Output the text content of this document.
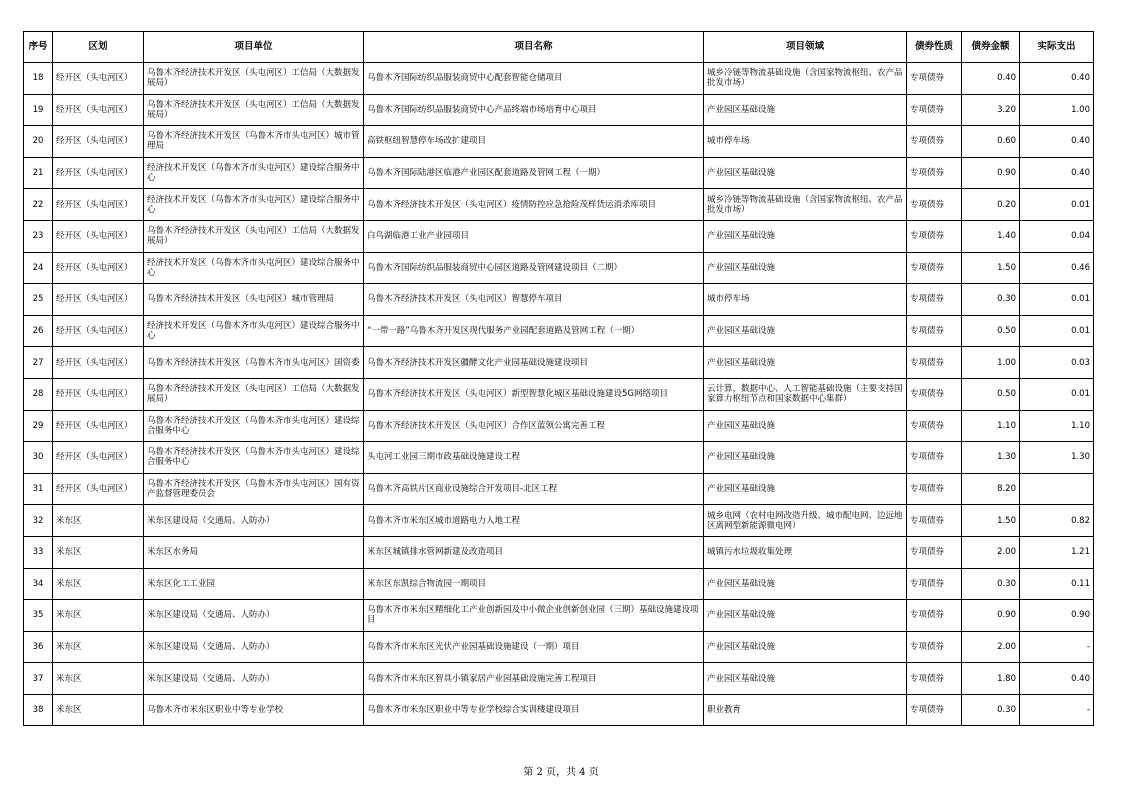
序号	区划	项目单位	项目名称	项目领域	债券性质	债券金额	实际支出
18	经开区（头屯河区）	乌鲁木齐经济技术开发区（头屯河区）工信局（大数据发展局）	乌鲁木齐国际纺织品服装商贸中心配套智能仓储项目	城乡冷链等物流基础设施（含国家物流枢纽、农产品批发市场）	专项债券	0.40	0.40
19	经开区（头屯河区）	乌鲁木齐经济技术开发区（头屯河区）工信局（大数据发展局）	乌鲁木齐国际纺织品服装商贸中心产品终端市场培育中心项目	产业园区基础设施	专项债券	3.20	1.00
20	经开区（头屯河区）	乌鲁木齐经济技术开发区（乌鲁木齐市头屯河区）城市管理局	高铁枢纽智慧停车场改扩建项目	城市停车场	专项债券	0.60	0.40
21	经开区（头屯河区）	经济技术开发区（乌鲁木齐市头屯河区）建设综合服务中心	乌鲁木齐国际陆港区临港产业园区配套道路及管网工程（一期）	产业园区基础设施	专项债券	0.90	0.40
22	经开区（头屯河区）	经济技术开发区（乌鲁木齐市头屯河区）建设综合服务中心	乌鲁木齐经济技术开发区（头屯河区）疫情防控应急抢险茂样货运消杀库项目	城乡冷链等物流基础设施（含国家物流枢纽、农产品批发市场）	专项债券	0.20	0.01
23	经开区（头屯河区）	乌鲁木齐经济技术开发区（头屯河区）工信局（大数据发展局）	白鸟湖临港工业产业园项目	产业园区基础设施	专项债券	1.40	0.04
24	经开区（头屯河区）	经济技术开发区（乌鲁木齐市头屯河区）建设综合服务中心	乌鲁木齐国际纺织品服装商贸中心园区道路及管网建设项目（二期）	产业园区基础设施	专项债券	1.50	0.46
25	经开区（头屯河区）	乌鲁木齐经济技术开发区（头屯河区）城市管理局	乌鲁木齐经济技术开发区（头屯河区）智慧停车项目	城市停车场	专项债券	0.30	0.01
26	经开区（头屯河区）	经济技术开发区（乌鲁木齐市头屯河区）建设综合服务中心	“一带一路”乌鲁木齐开发区现代服务产业园配套道路及管网工程（一期）	产业园区基础设施	专项债券	0.50	0.01
27	经开区（头屯河区）	乌鲁木齐经济技术开发区（乌鲁木齐市头屯河区）国资委	乌鲁木齐经济技术开发区疆酵文化产业园基础设施建设项目	产业园区基础设施	专项债券	1.00	0.03
28	经开区（头屯河区）	乌鲁木齐经济技术开发区（头屯河区）工信局（大数据发展局）	乌鲁木齐经济技术开发区（头屯河区）新型智慧化城区基础设施建设5G网络项目	云计算，数据中心、人工智能基础设施（主要支持国家算力枢纽节点和国家数据中心集群）	专项债券	0.50	0.01
29	经开区（头屯河区）	乌鲁木齐经济技术开发区（乌鲁木齐市头屯河区）建设综合服务中心	乌鲁木齐经济技术开发区（头屯河区）合作区蓝领公寓完善工程	产业园区基础设施	专项债券	1.10	1.10
30	经开区（头屯河区）	乌鲁木齐经济技术开发区（乌鲁木齐市头屯河区）建设综合服务中心	头屯河工业园三期市政基础设施建设工程	产业园区基础设施	专项债券	1.30	1.30
31	经开区（头屯河区）	乌鲁木齐经济技术开发区（乌鲁木齐市头屯河区）国有资产监督管理委员会	乌鲁木齐高铁片区商业设施综合开发项目-北区工程	产业园区基础设施	专项债券	8.20	
32	米东区	米东区建设局（交通局、人防办）	乌鲁木齐市米东区城市道路电力入地工程	城乡电网（农村电网改造升级、城市配电网、边远地区离网型新能源微电网）	专项债券	1.50	0.82
33	米东区	米东区水务局	米东区城镇排水管网新建及改造项目	城镇污水垃圾收集处理	专项债券	2.00	1.21
34	米东区	米东区化工工业园	米东区东凯综合物流园一期项目	产业园区基础设施	专项债券	0.30	0.11
35	米东区	米东区建设局（交通局、人防办）	乌鲁木齐市米东区精细化工产业创新园及中小微企业创新创业园（三期）基础设施建设项目	产业园区基础设施	专项债券	0.90	0.90
36	米东区	米东区建设局（交通局、人防办）	乌鲁木齐市米东区光伏产业园基础设施建设（一期）项目	产业园区基础设施	专项债券	2.00	-
37	米东区	米东区建设局（交通局、人防办）	乌鲁木齐市米东区智具小镇家居产业园基础设施完善工程项目	产业园区基础设施	专项债券	1.80	0.40
38	米东区	乌鲁木齐市米东区职业中等专业学校	乌鲁木齐市米东区职业中等专业学校综合实训楼建设项目	职业教育	专项债券	0.30	-
第 2 页，共 4 页
